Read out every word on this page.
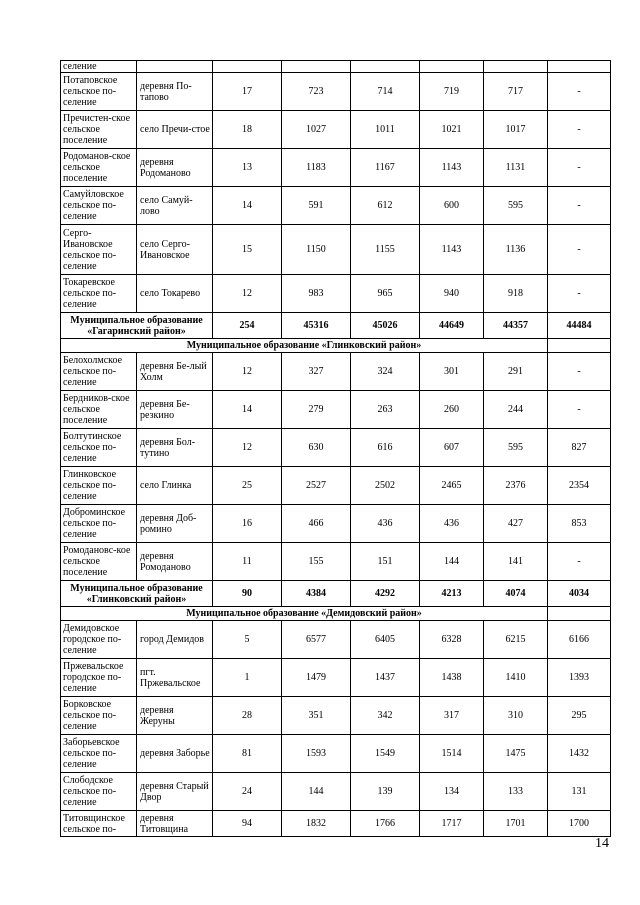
селение							
Потаповское сельское по-селение	деревня По-тапово	17	723	714	719	717	-
Пречистен-ское сельское поселение	село Пречи-стое	18	1027	1011	1021	1017	-
Родоманов-ское сельское поселение	деревня Родоманово	13	1183	1167	1143	1131	-
Самуйловское сельское по-селение	село Самуй-лово	14	591	612	600	595	-
Серго-Ивановское сельское по-селение	село Серго-Ивановское	15	1150	1155	1143	1136	-
Токаревское сельское по-селение	село Токарево	12	983	965	940	918	-
Муниципальное образование «Гагаринский район»		254	45316	45026	44649	44357	44484
Муниципальное образование «Глинковский район»							
Белохолмское сельское по-селение	деревня Бе-лый Холм	12	327	324	301	291	-
Бердников-ское сельское поселение	деревня Бе-резкино	14	279	263	260	244	-
Болтутинское сельское по-селение	деревня Бол-тутино	12	630	616	607	595	827
Глинковское сельское по-селение	село Глинка	25	2527	2502	2465	2376	2354
Доброминское сельское по-селение	деревня Доб-ромино	16	466	436	436	427	853
Ромодановс-кое сельское поселение	деревня Ромоданово	11	155	151	144	141	-
Муниципальное образование «Глинковский район»		90	4384	4292	4213	4074	4034
Муниципальное образование «Демидовский район»							
Демидовское городское по-селение	город Демидов	5	6577	6405	6328	6215	6166
Пржевальское городское по-селение	пгт. Пржевальское	1	1479	1437	1438	1410	1393
Борковское сельское по-селение	деревня Жеруны	28	351	342	317	310	295
Заборьевское сельское по-селение	деревня Заборье	81	1593	1549	1514	1475	1432
Слободское сельское по-селение	деревня Старый Двор	24	144	139	134	133	131
Титовщинское сельское по-	деревня Титовщина	94	1832	1766	1717	1701	1700
14
